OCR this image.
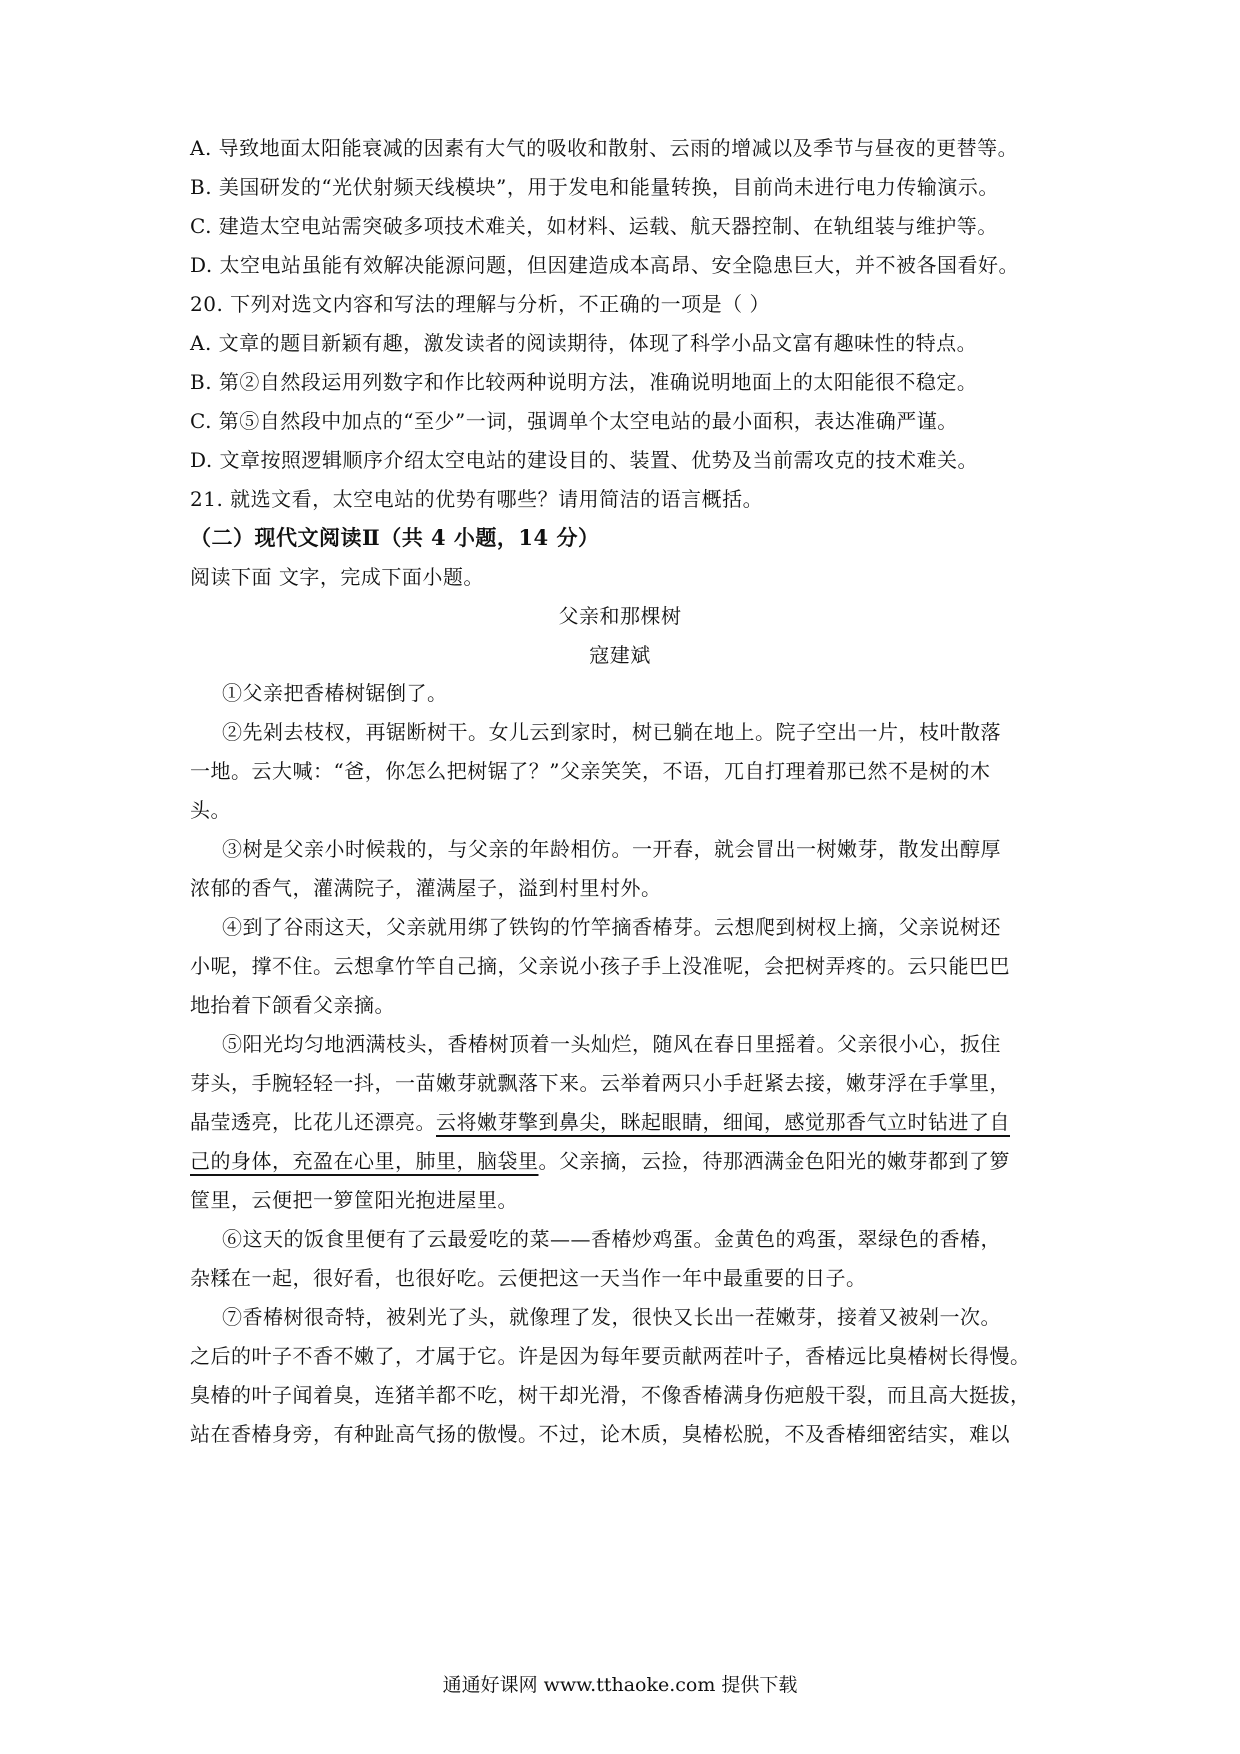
A. 导致地面太阳能衰减的因素有大气的吸收和散射、云雨的增减以及季节与昼夜的更替等。
B. 美国研发的“光伏射频天线模块”，用于发电和能量转换，目前尚未进行电力传输演示。
C. 建造太空电站需突破多项技术难关，如材料、运载、航天器控制、在轨组装与维护等。
D. 太空电站虽能有效解决能源问题，但因建造成本高昂、安全隐患巨大，并不被各国看好。
20. 下列对选文内容和写法的理解与分析，不正确的一项是（ ）
A. 文章的题目新颖有趣，激发读者的阅读期待，体现了科学小品文富有趣味性的特点。
B. 第②自然段运用列数字和作比较两种说明方法，准确说明地面上的太阳能很不稳定。
C. 第⑤自然段中加点的“至少”一词，强调单个太空电站的最小面积，表达准确严谨。
D. 文章按照逻辑顺序介绍太空电站的建设目的、装置、优势及当前需攻克的技术难关。
21. 就选文看，太空电站的优势有哪些？请用简洁的语言概括。
（二）现代文阅读Ⅱ（共 4 小题，14 分）
阅读下面 文字，完成下面小题。
父亲和那棵树
寇建斌
①父亲把香椿树锯倒了。
②先剁去枝杈，再锯断树干。女儿云到家时，树已躺在地上。院子空出一片，枝叶散落
一地。云大喊：“爸，你怎么把树锯了？”父亲笑笑，不语，兀自打理着那已然不是树的木
头。
③树是父亲小时候栽的，与父亲的年龄相仿。一开春，就会冒出一树嫩芽，散发出醇厚
浓郁的香气，灌满院子，灌满屋子，溢到村里村外。
④到了谷雨这天，父亲就用绑了铁钩的竹竿摘香椿芽。云想爬到树杈上摘，父亲说树还
小呢，撑不住。云想拿竹竿自己摘，父亲说小孩子手上没准呢，会把树弄疼的。云只能巴巴
地抬着下颌看父亲摘。
⑤阳光均匀地洒满枝头，香椿树顶着一头灿烂，随风在春日里摇着。父亲很小心，扳住
芽头，手腕轻轻一抖，一苗嫩芽就飘落下来。云举着两只小手赶紧去接，嫩芽浮在手掌里，
晶莹透亮，比花儿还漂亮。云将嫩芽擎到鼻尖，眯起眼睛，细闻，感觉那香气立时钻进了自
己的身体，充盈在心里，肺里，脑袋里。父亲摘，云捡，待那洒满金色阳光的嫩芽都到了箩
筐里，云便把一箩筐阳光抱进屋里。
⑥这天的饭食里便有了云最爱吃的菜——香椿炒鸡蛋。金黄色的鸡蛋，翠绿色的香椿，
杂糅在一起，很好看，也很好吃。云便把这一天当作一年中最重要的日子。
⑦香椿树很奇特，被剁光了头，就像理了发，很快又长出一茬嫩芽，接着又被剁一次。
之后的叶子不香不嫩了，才属于它。许是因为每年要贡献两茬叶子，香椿远比臭椿树长得慢。
臭椿的叶子闻着臭，连猪羊都不吃，树干却光滑，不像香椿满身伤疤般干裂，而且高大挺拔，
站在香椿身旁，有种趾高气扬的傲慢。不过，论木质，臭椿松脱，不及香椿细密结实，难以
通通好课网 www.tthaoke.com 提供下载
